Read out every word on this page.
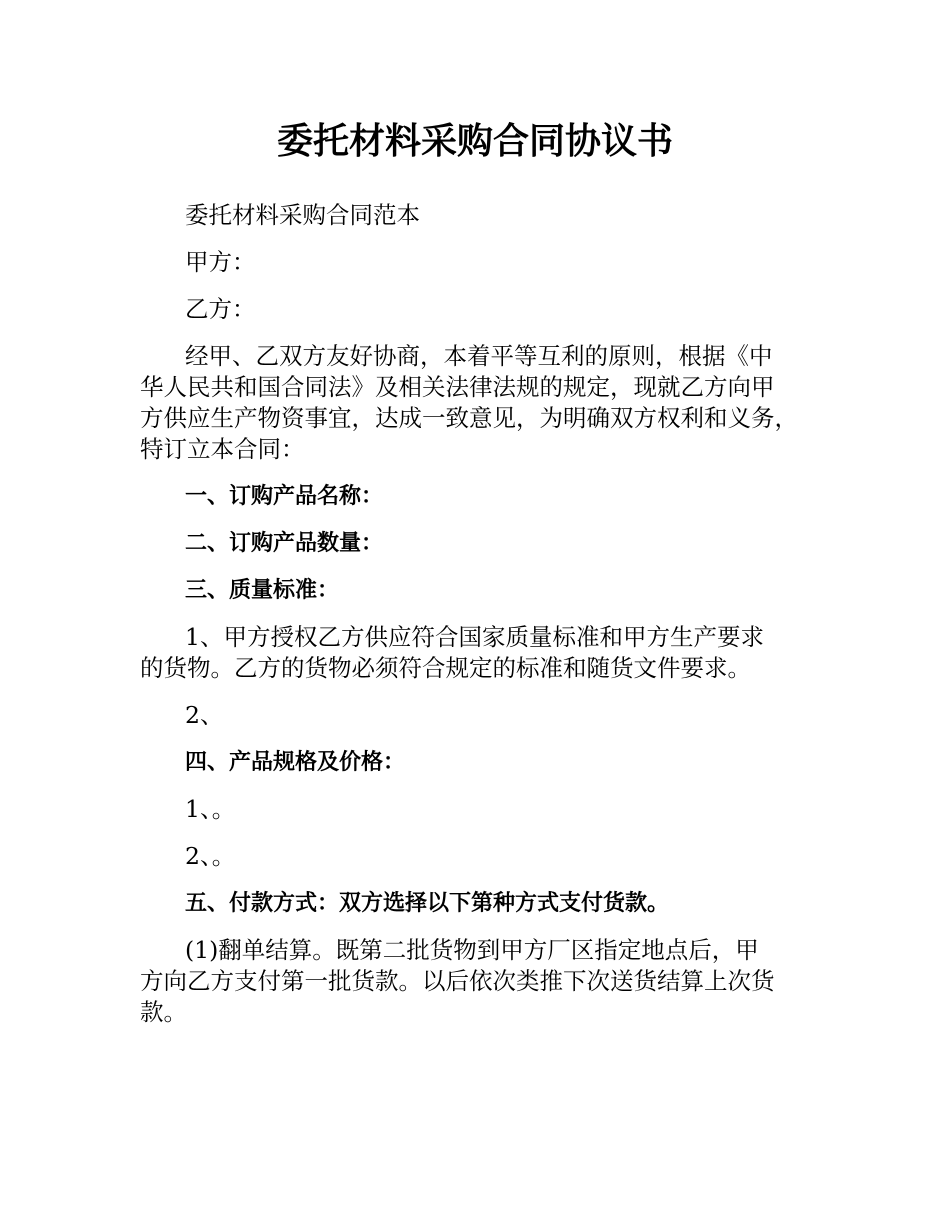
委托材料采购合同协议书

委托材料采购合同范本

甲方：

乙方：

经甲、乙双方友好协商，本着平等互利的原则，根据《中
华人民共和国合同法》及相关法律法规的规定，现就乙方向甲
方供应生产物资事宜，达成一致意见，为明确双方权利和义务，
特订立本合同：

一、订购产品名称：

二、订购产品数量：

三、质量标准：

1、甲方授权乙方供应符合国家质量标准和甲方生产要求
的货物。乙方的货物必须符合规定的标准和随货文件要求。

2、

四、产品规格及价格：

1、。

2、。

五、付款方式：双方选择以下第种方式支付货款。

(1)翻单结算。既第二批货物到甲方厂区指定地点后，甲
方向乙方支付第一批货款。以后依次类推下次送货结算上次货
款。
